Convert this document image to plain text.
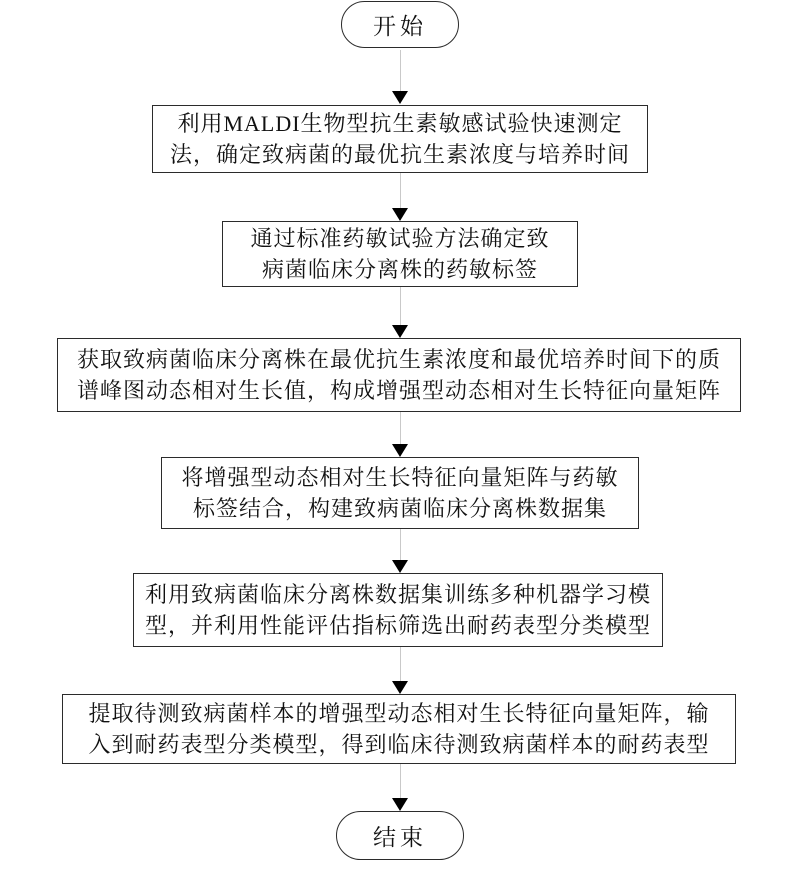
开始
利用MALDI生物型抗生素敏感试验快速测定
法，确定致病菌的最优抗生素浓度与培养时间
通过标准药敏试验方法确定致
病菌临床分离株的药敏标签
获取致病菌临床分离株在最优抗生素浓度和最优培养时间下的质
谱峰图动态相对生长值，构成增强型动态相对生长特征向量矩阵
将增强型动态相对生长特征向量矩阵与药敏
标签结合，构建致病菌临床分离株数据集
利用致病菌临床分离株数据集训练多种机器学习模
型，并利用性能评估指标筛选出耐药表型分类模型
提取待测致病菌样本的增强型动态相对生长特征向量矩阵，输
入到耐药表型分类模型，得到临床待测致病菌样本的耐药表型
结束
